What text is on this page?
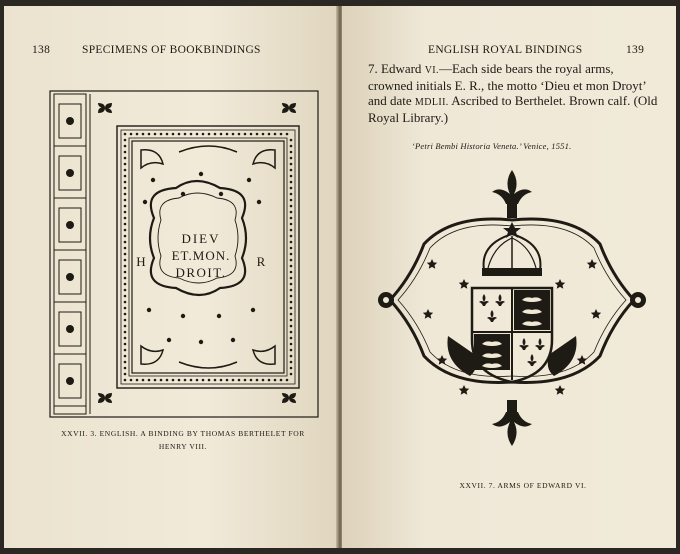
138	SPECIMENS OF BOOKBINDINGS
DIEV
ET.MON.
DROIT.
H	R
XXVII. 3. ENGLISH. A BINDING BY THOMAS BERTHELET FOR
HENRY VIII.
ENGLISH ROYAL BINDINGS	139
7. Edward VI.—Each side bears the royal arms, crowned initials E. R., the motto ‘Dieu et mon Droyt’ and date MDLII. Ascribed to Berthelet. Brown calf. (Old Royal Library.)
‘Petri Bembi Historia Veneta.’ Venice, 1551.
XXVII. 7. ARMS OF EDWARD VI.
